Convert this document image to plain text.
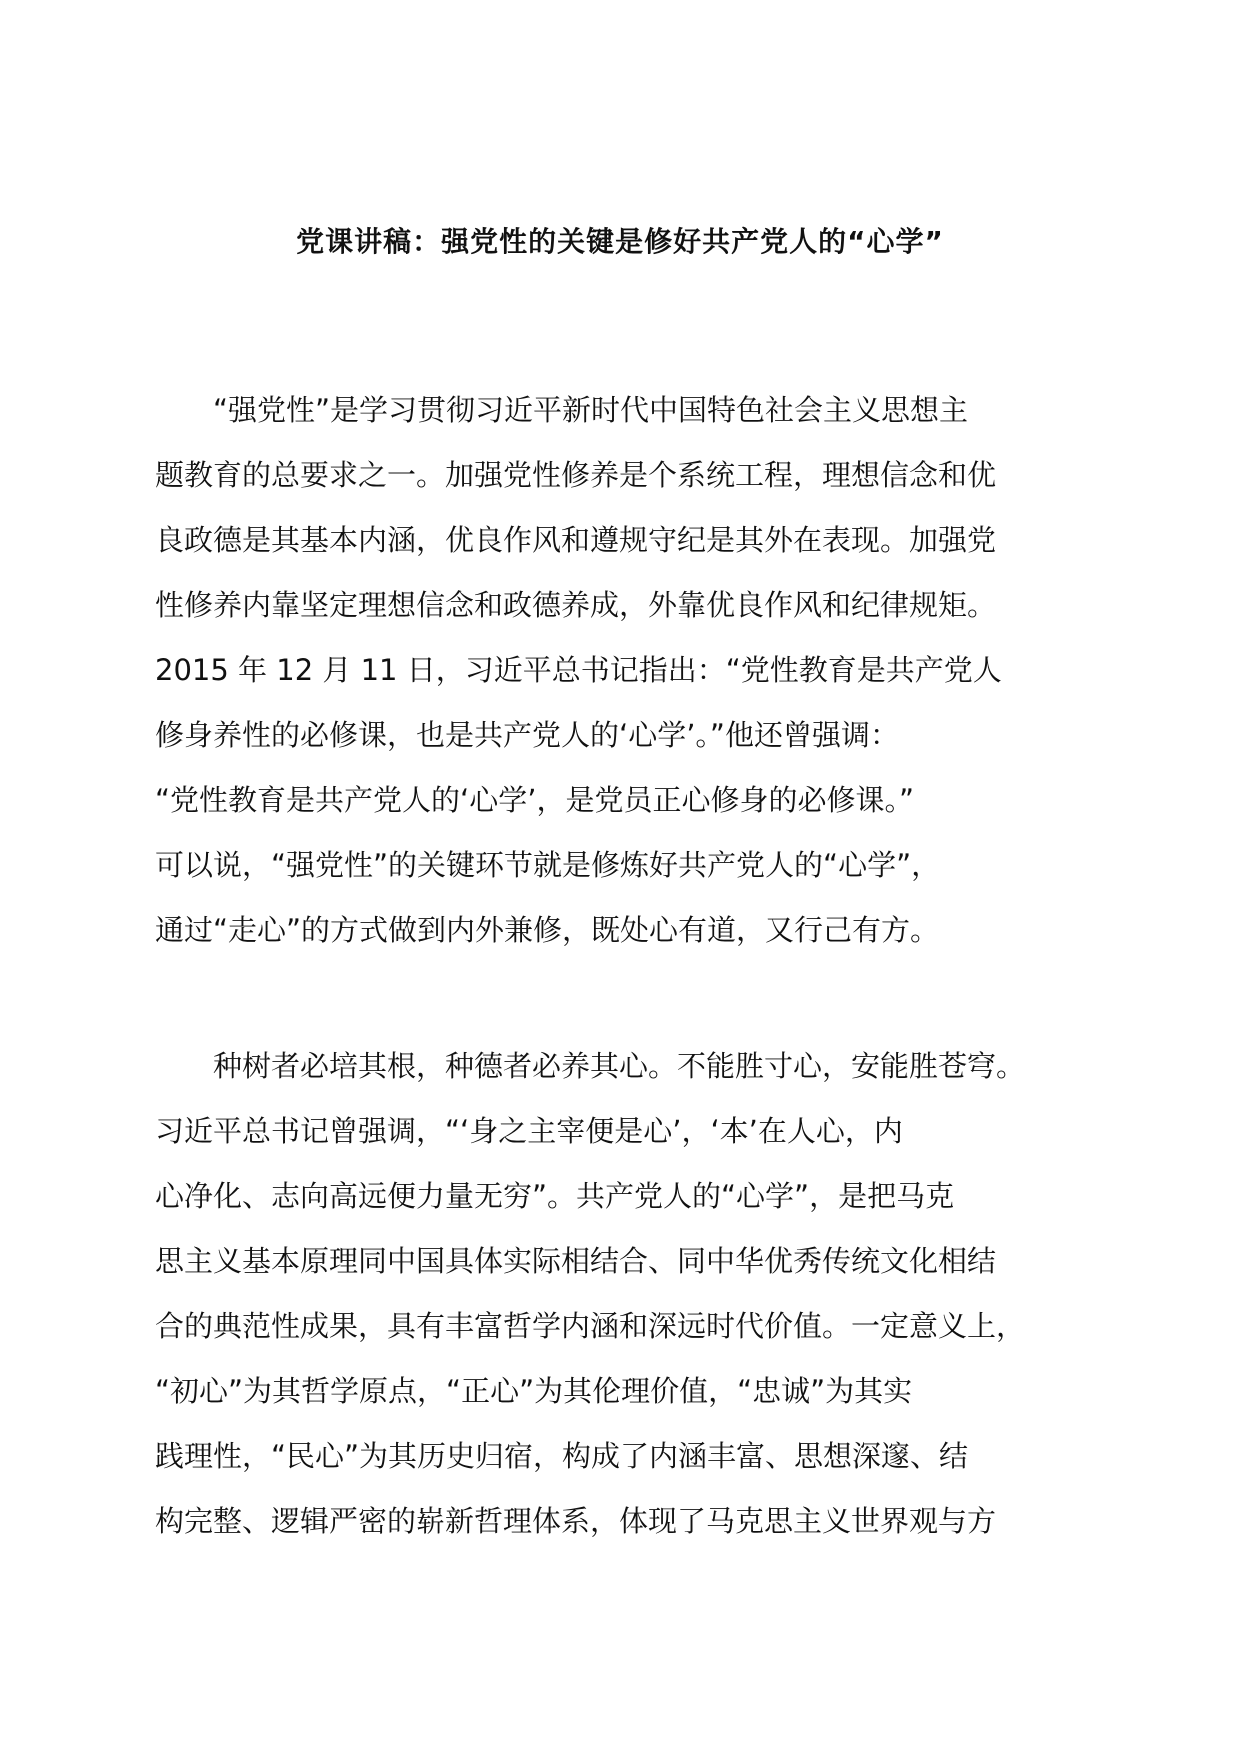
党课讲稿：强党性的关键是修好共产党人的“心学”
“强党性”是学习贯彻习近平新时代中国特色社会主义思想主
题教育的总要求之一。加强党性修养是个系统工程，理想信念和优
良政德是其基本内涵，优良作风和遵规守纪是其外在表现。加强党
性修养内靠坚定理想信念和政德养成，外靠优良作风和纪律规矩。
2015 年 12 月 11 日，习近平总书记指出：“党性教育是共产党人
修身养性的必修课，也是共产党人的‘心学’。”他还曾强调：
“党性教育是共产党人的‘心学’，是党员正心修身的必修课。”
可以说，“强党性”的关键环节就是修炼好共产党人的“心学”，
通过“走心”的方式做到内外兼修，既处心有道，又行己有方。
种树者必培其根，种德者必养其心。不能胜寸心，安能胜苍穹。
习近平总书记曾强调，“‘身之主宰便是心’，‘本’在人心，内
心净化、志向高远便力量无穷”。共产党人的“心学”，是把马克
思主义基本原理同中国具体实际相结合、同中华优秀传统文化相结
合的典范性成果，具有丰富哲学内涵和深远时代价值。一定意义上，
“初心”为其哲学原点，“正心”为其伦理价值，“忠诚”为其实
践理性，“民心”为其历史归宿，构成了内涵丰富、思想深邃、结
构完整、逻辑严密的崭新哲理体系，体现了马克思主义世界观与方
